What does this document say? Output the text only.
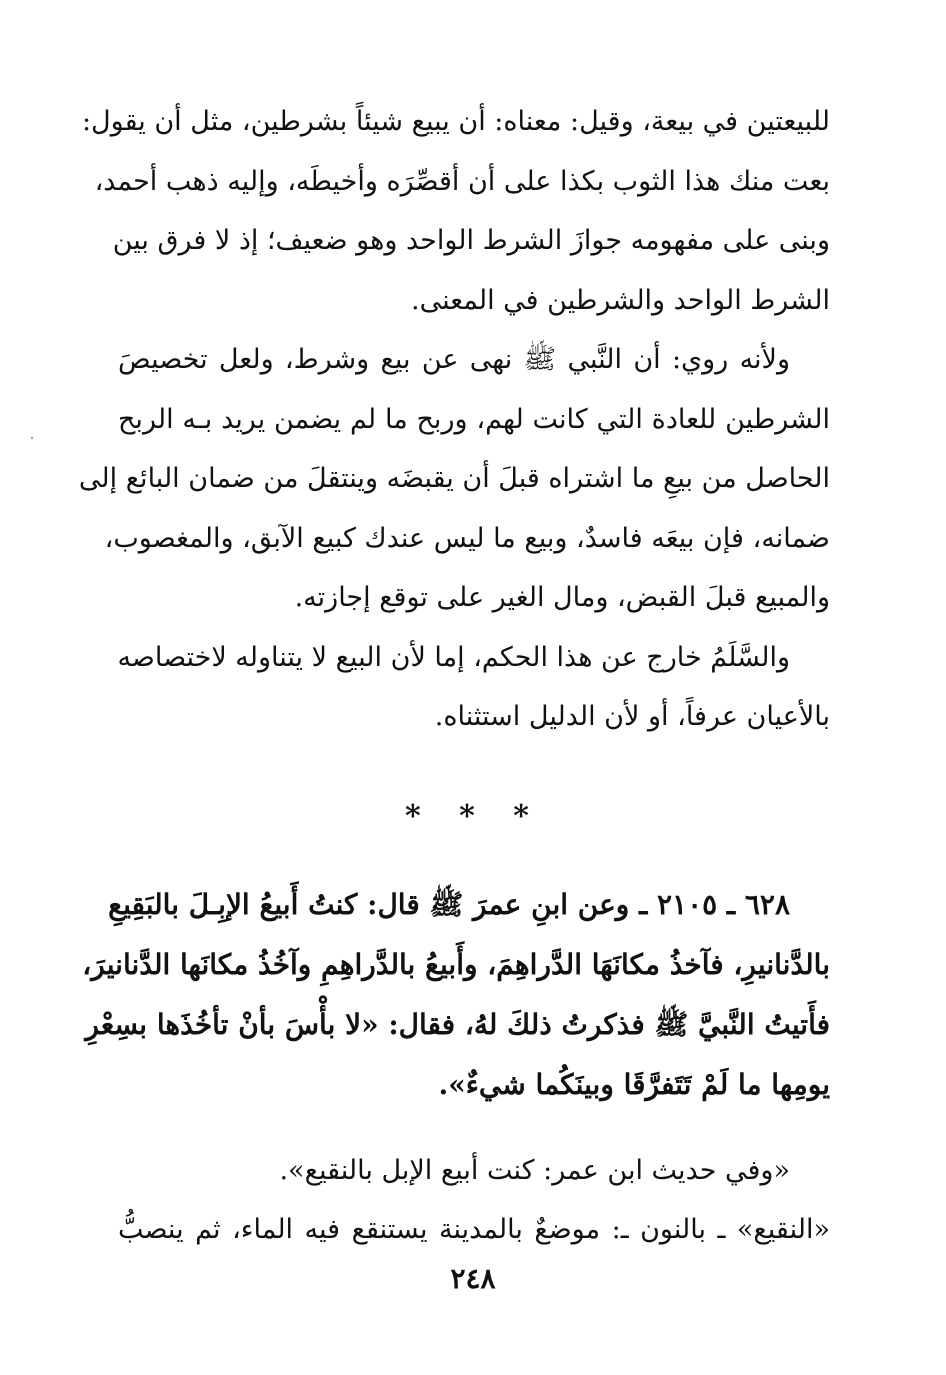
للبيعتين في بيعة، وقيل: معناه: أن يبيع شيئاً بشرطين، مثل أن يقول:
بعت منك هذا الثوب بكذا على أن أقصِّرَه وأخيطَه، وإليه ذهب أحمد،
وبنى على مفهومه جوازَ الشرط الواحد وهو ضعيف؛ إذ لا فرق بين
الشرط الواحد والشرطين في المعنى.

ولأنه روي: أن النَّبي ﷺ نهى عن بيع وشرط، ولعل تخصيصَ
الشرطين للعادة التي كانت لهم، وربح ما لم يضمن يريد بـه الربح
الحاصل من بيعِ ما اشتراه قبلَ أن يقبضَه وينتقلَ من ضمان البائع إلى
ضمانه، فإن بيعَه فاسدٌ، وبيع ما ليس عندك كبيع الآبق، والمغصوب،
والمبيع قبلَ القبض، ومال الغير على توقع إجازته.

والسَّلَمُ خارج عن هذا الحكم، إما لأن البيع لا يتناوله لاختصاصه
بالأعيان عرفاً، أو لأن الدليل استثناه.

* * *

٦٢٨ ـ ٢١٠٥ ـ وعن ابنِ عمرَ ﷺ قال: كنتُ أَبيعُ الإبِـلَ بالبَقِيعِ
بالدَّنانيرِ، فآخذُ مكانَهَا الدَّراهِمَ، وأَبيعُ بالدَّراهِمِ وآخُذُ مكانَها الدَّنانيرَ،
فأَتيتُ النَّبيَّ ﷺ فذكرتُ ذلكَ لهُ، فقال: «لا بأْسَ بأنْ تأخُذَها بسِعْرِ
يومِها ما لَمْ تَتَفرَّقَا وبينَكُما شيءٌ».

«وفي حديث ابن عمر: كنت أبيع الإبل بالنقيع».

«النقيع» ـ بالنون ـ: موضعٌ بالمدينة يستنقع فيه الماء، ثم ينصبُّ

٢٤٨
